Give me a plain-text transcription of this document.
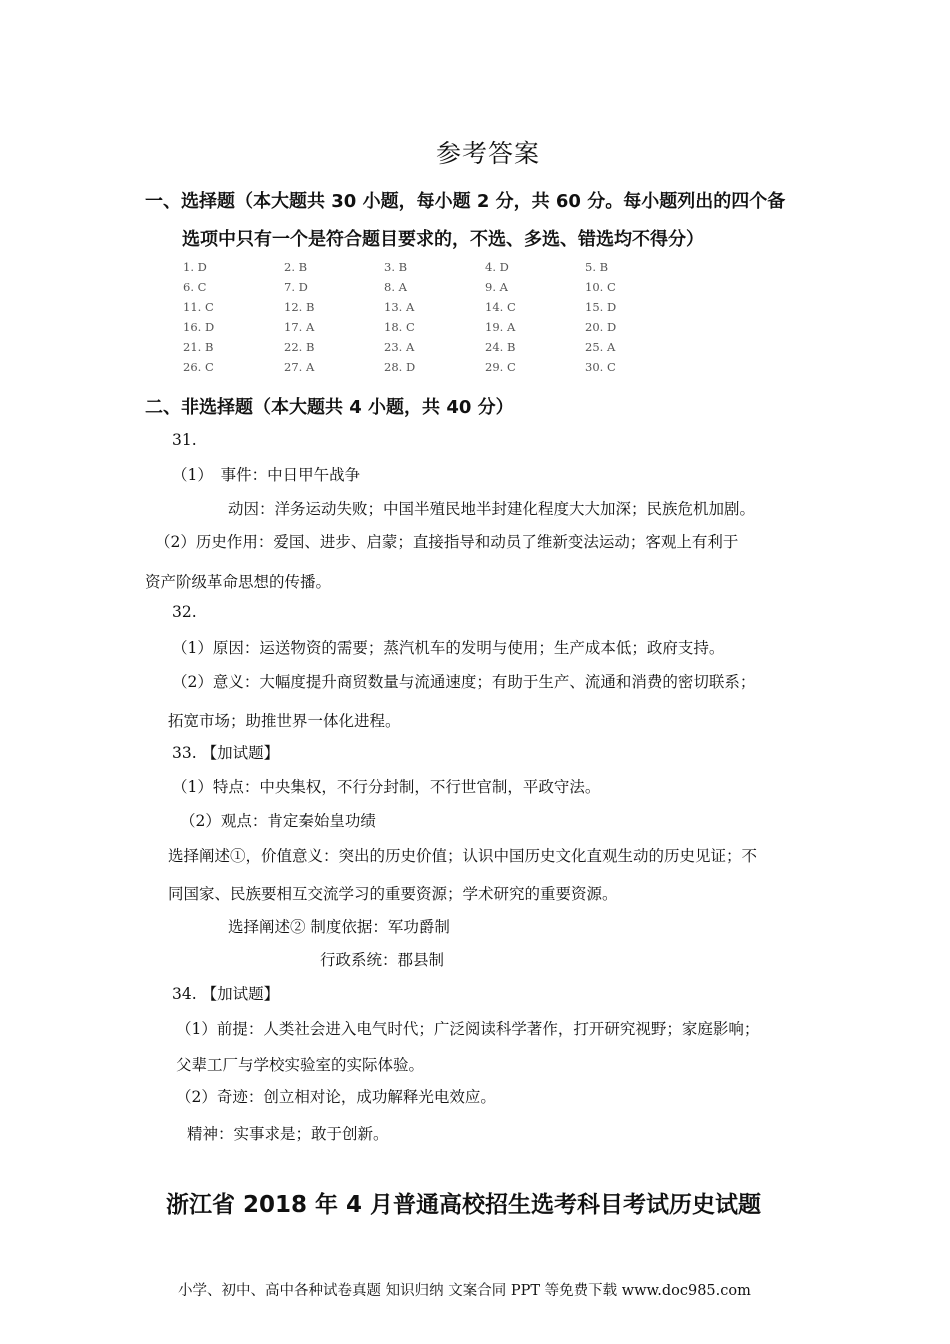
参考答案
一、选择题（本大题共 30 小题，每小题 2 分，共 60 分。每小题列出的四个备
选项中只有一个是符合题目要求的，不选、多选、错选均不得分）
1. D	2. B	3. B	4. D	5. B
6. C	7. D	8. A	9. A	10. C
11. C	12. B	13. A	14. C	15. D
16. D	17. A	18. C	19. A	20. D
21. B	22. B	23. A	24. B	25. A
26. C	27. A	28. D	29. C	30. C
二、非选择题（本大题共 4 小题，共 40 分）
31.
（1）　事件：中日甲午战争
动因：洋务运动失败；中国半殖民地半封建化程度大大加深；民族危机加剧。
（2）历史作用：爱国、进步、启蒙；直接指导和动员了维新变法运动；客观上有利于
资产阶级革命思想的传播。
32.
（1）原因：运送物资的需要；蒸汽机车的发明与使用；生产成本低；政府支持。
（2）意义：大幅度提升商贸数量与流通速度；有助于生产、流通和消费的密切联系；
拓宽市场；助推世界一体化进程。
33. 【加试题】
（1）特点：中央集权，不行分封制，不行世官制，平政守法。
（2）观点：肯定秦始皇功绩
选择阐述①，价值意义：突出的历史价值；认识中国历史文化直观生动的历史见证；不
同国家、民族要相互交流学习的重要资源；学术研究的重要资源。
选择阐述② 制度依据：军功爵制
行政系统：郡县制
34. 【加试题】
（1）前提：人类社会进入电气时代；广泛阅读科学著作，打开研究视野；家庭影响；
父辈工厂与学校实验室的实际体验。
（2）奇迹：创立相对论，成功解释光电效应。
精神：实事求是；敢于创新。
浙江省 2018 年 4 月普通高校招生选考科目考试历史试题
小学、初中、高中各种试卷真题 知识归纳 文案合同 PPT 等免费下载 www.doc985.com
